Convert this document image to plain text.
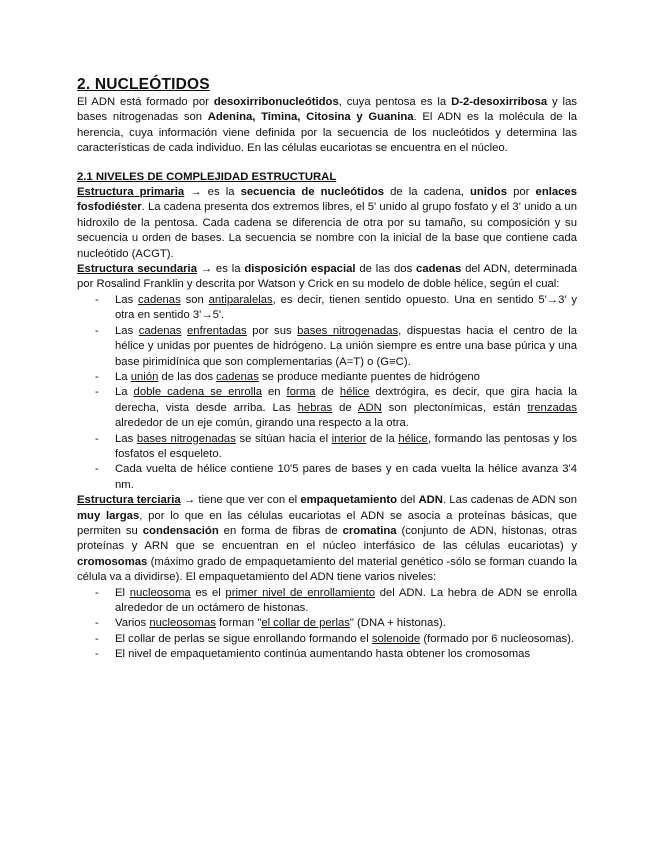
2. NUCLEÓTIDOS

El ADN está formado por desoxirribonucleótidos, cuya pentosa es la D-2-desoxirribosa y las bases nitrogenadas son Adenina, Timina, Citosina y Guanina. El ADN es la molécula de la herencia, cuya información viene definida por la secuencia de los nucleótidos y determina las características de cada individuo. En las células eucariotas se encuentra en el núcleo.

2.1 NIVELES DE COMPLEJIDAD ESTRUCTURAL

Estructura primaria → es la secuencia de nucleótidos de la cadena, unidos por enlaces fosfodiéster. La cadena presenta dos extremos libres, el 5' unido al grupo fosfato y el 3' unido a un hidroxilo de la pentosa. Cada cadena se diferencia de otra por su tamaño, su composición y su secuencia u orden de bases. La secuencia se nombre con la inicial de la base que contiene cada nucleótido (ACGT).

Estructura secundaria → es la disposición espacial de las dos cadenas del ADN, determinada por Rosalind Franklin y descrita por Watson y Crick en su modelo de doble hélice, según el cual:

- Las cadenas son antiparalelas, es decir, tienen sentido opuesto. Una en sentido 5'→3' y otra en sentido 3'→5'.
- Las cadenas enfrentadas por sus bases nitrogenadas, dispuestas hacia el centro de la hélice y unidas por puentes de hidrógeno. La unión siempre es entre una base púrica y una base pirimidínica que son complementarias (A=T) o (G≡C).
- La unión de las dos cadenas se produce mediante puentes de hidrógeno
- La doble cadena se enrolla en forma de hélice dextrógira, es decir, que gira hacia la derecha, vista desde arriba. Las hebras de ADN son plectonímicas, están trenzadas alrededor de un eje común, girando una respecto a la otra.
- Las bases nitrogenadas se sitúan hacia el interior de la hélice, formando las pentosas y los fosfatos el esqueleto.
- Cada vuelta de hélice contiene 10'5 pares de bases y en cada vuelta la hélice avanza 3'4 nm.

Estructura terciaria → tiene que ver con el empaquetamiento del ADN. Las cadenas de ADN son muy largas, por lo que en las células eucariotas el ADN se asocia a proteínas básicas, que permiten su condensación en forma de fibras de cromatina (conjunto de ADN, histonas, otras proteínas y ARN que se encuentran en el núcleo interfásico de las células eucariotas) y cromosomas (máximo grado de empaquetamiento del material genético -sólo se forman cuando la célula va a dividirse). El empaquetamiento del ADN tiene varios niveles:

- El nucleosoma es el primer nivel de enrollamiento del ADN. La hebra de ADN se enrolla alrededor de un octámero de histonas.
- Varios nucleosomas forman "el collar de perlas" (DNA + histonas).
- El collar de perlas se sigue enrollando formando el solenoide (formado por 6 nucleosomas).
- El nivel de empaquetamiento continúa aumentando hasta obtener los cromosomas
